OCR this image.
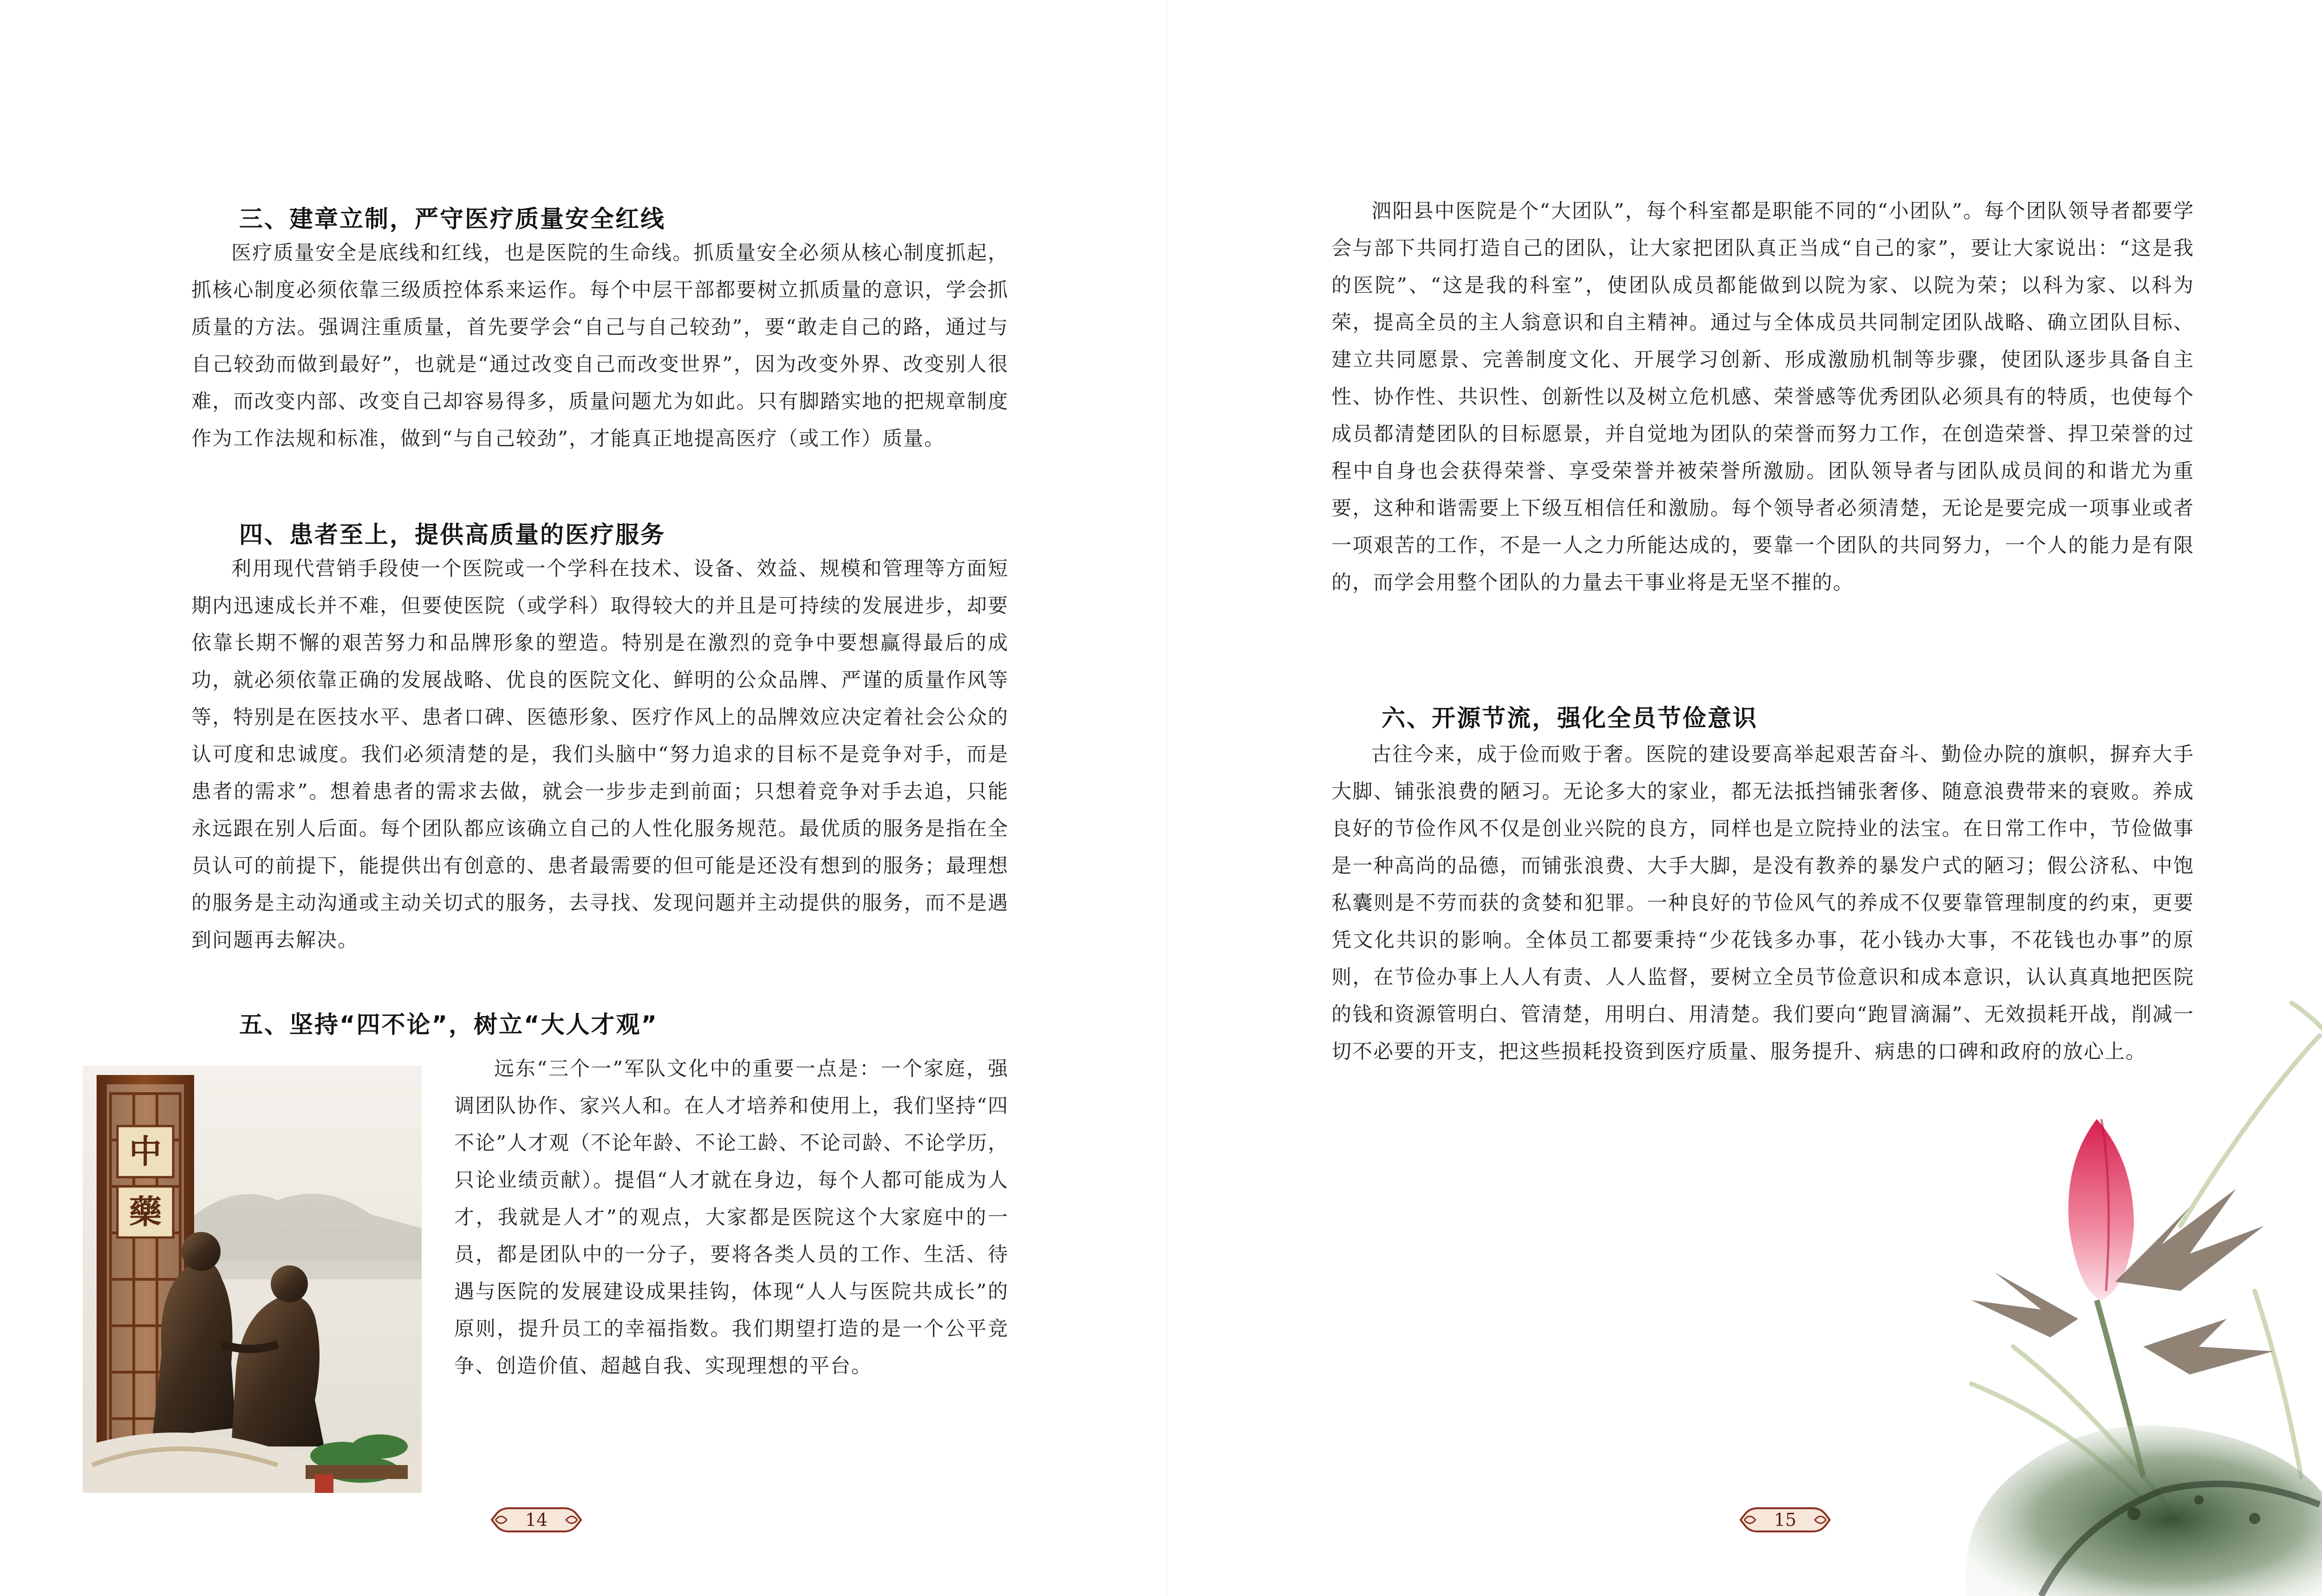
三、建章立制，严守医疗质量安全红线

医疗质量安全是底线和红线，也是医院的生命线。抓质量安全必须从核心制度抓起，抓核心制度必须依靠三级质控体系来运作。每个中层干部都要树立抓质量的意识，学会抓质量的方法。强调注重质量，首先要学会“自己与自己较劲”，要“敢走自己的路，通过与自己较劲而做到最好”，也就是“通过改变自己而改变世界”，因为改变外界、改变别人很难，而改变内部、改变自己却容易得多，质量问题尤为如此。只有脚踏实地的把规章制度作为工作法规和标准，做到“与自己较劲”，才能真正地提高医疗（或工作）质量。

四、患者至上，提供高质量的医疗服务

利用现代营销手段使一个医院或一个学科在技术、设备、效益、规模和管理等方面短期内迅速成长并不难，但要使医院（或学科）取得较大的并且是可持续的发展进步，却要依靠长期不懈的艰苦努力和品牌形象的塑造。特别是在激烈的竞争中要想赢得最后的成功，就必须依靠正确的发展战略、优良的医院文化、鲜明的公众品牌、严谨的质量作风等等，特别是在医技水平、患者口碑、医德形象、医疗作风上的品牌效应决定着社会公众的认可度和忠诚度。我们必须清楚的是，我们头脑中“努力追求的目标不是竞争对手，而是患者的需求”。想着患者的需求去做，就会一步步走到前面；只想着竞争对手去追，只能永远跟在别人后面。每个团队都应该确立自己的人性化服务规范。最优质的服务是指在全员认可的前提下，能提供出有创意的、患者最需要的但可能是还没有想到的服务；最理想的服务是主动沟通或主动关切式的服务，去寻找、发现问题并主动提供的服务，而不是遇到问题再去解决。

五、坚持“四不论”，树立“大人才观”

远东“三个一”军队文化中的重要一点是：一个家庭，强调团队协作、家兴人和。在人才培养和使用上，我们坚持“四不论”人才观（不论年龄、不论工龄、不论司龄、不论学历，只论业绩贡献）。提倡“人才就在身边，每个人都可能成为人才，我就是人才”的观点，大家都是医院这个大家庭中的一员，都是团队中的一分子，要将各类人员的工作、生活、待遇与医院的发展建设成果挂钩，体现“人人与医院共成长”的原则，提升员工的幸福指数。我们期望打造的是一个公平竞争、创造价值、超越自我、实现理想的平台。

中
藥
14

泗阳县中医院是个“大团队”，每个科室都是职能不同的“小团队”。每个团队领导者都要学会与部下共同打造自己的团队，让大家把团队真正当成“自己的家”，要让大家说出：“这是我的医院”、“这是我的科室”，使团队成员都能做到以院为家、以院为荣；以科为家、以科为荣，提高全员的主人翁意识和自主精神。通过与全体成员共同制定团队战略、确立团队目标、建立共同愿景、完善制度文化、开展学习创新、形成激励机制等步骤，使团队逐步具备自主性、协作性、共识性、创新性以及树立危机感、荣誉感等优秀团队必须具有的特质，也使每个成员都清楚团队的目标愿景，并自觉地为团队的荣誉而努力工作，在创造荣誉、捍卫荣誉的过程中自身也会获得荣誉、享受荣誉并被荣誉所激励。团队领导者与团队成员间的和谐尤为重要，这种和谐需要上下级互相信任和激励。每个领导者必须清楚，无论是要完成一项事业或者一项艰苦的工作，不是一人之力所能达成的，要靠一个团队的共同努力，一个人的能力是有限的，而学会用整个团队的力量去干事业将是无坚不摧的。

六、开源节流，强化全员节俭意识

古往今来，成于俭而败于奢。医院的建设要高举起艰苦奋斗、勤俭办院的旗帜，摒弃大手大脚、铺张浪费的陋习。无论多大的家业，都无法抵挡铺张奢侈、随意浪费带来的衰败。养成良好的节俭作风不仅是创业兴院的良方，同样也是立院持业的法宝。在日常工作中，节俭做事是一种高尚的品德，而铺张浪费、大手大脚，是没有教养的暴发户式的陋习；假公济私、中饱私囊则是不劳而获的贪婪和犯罪。一种良好的节俭风气的养成不仅要靠管理制度的约束，更要凭文化共识的影响。全体员工都要秉持“少花钱多办事，花小钱办大事，不花钱也办事”的原则，在节俭办事上人人有责、人人监督，要树立全员节俭意识和成本意识，认认真真地把医院的钱和资源管明白、管清楚，用明白、用清楚。我们要向“跑冒滴漏”、无效损耗开战，削减一切不必要的开支，把这些损耗投资到医疗质量、服务提升、病患的口碑和政府的放心上。

15
